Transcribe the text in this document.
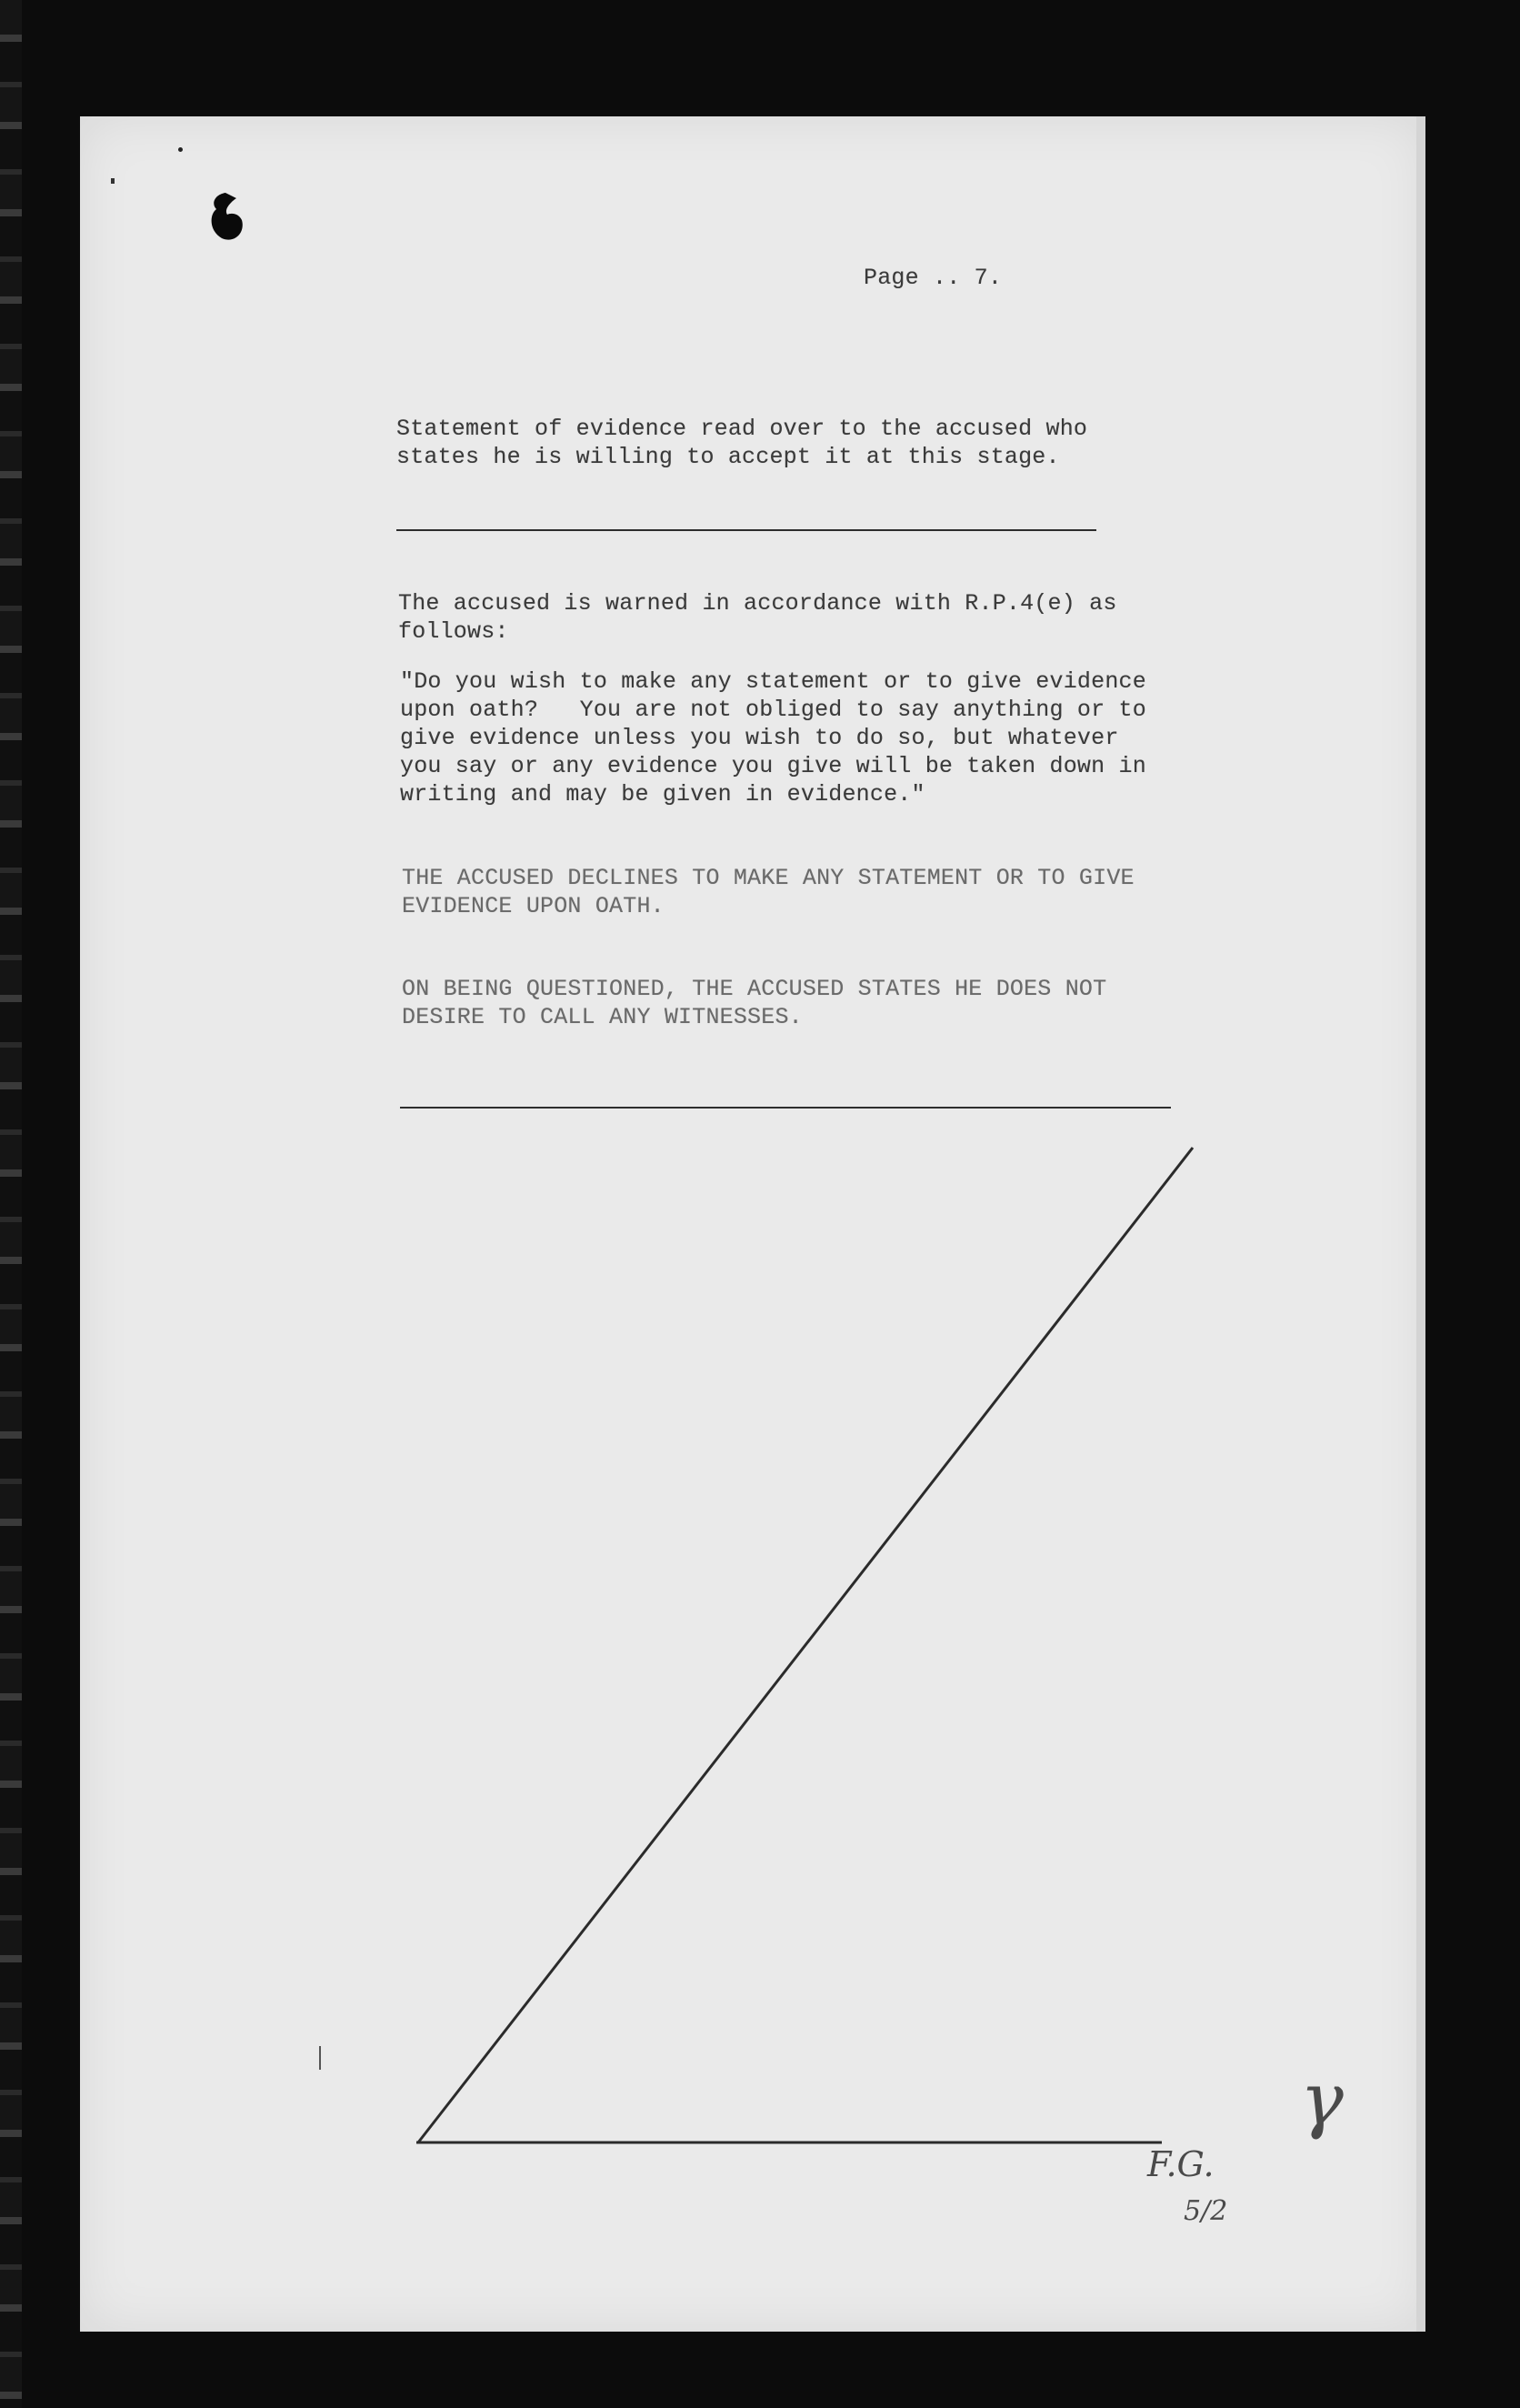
Page .. 7.
Statement of evidence read over to the accused who
states he is willing to accept it at this stage.
The accused is warned in accordance with R.P.4(e) as
follows:
"Do you wish to make any statement or to give evidence
upon oath?   You are not obliged to say anything or to
give evidence unless you wish to do so, but whatever
you say or any evidence you give will be taken down in
writing and may be given in evidence."
THE ACCUSED DECLINES TO MAKE ANY STATEMENT OR TO GIVE
EVIDENCE UPON OATH.
ON BEING QUESTIONED, THE ACCUSED STATES HE DOES NOT
DESIRE TO CALL ANY WITNESSES.
γ
F.G.
5/2
